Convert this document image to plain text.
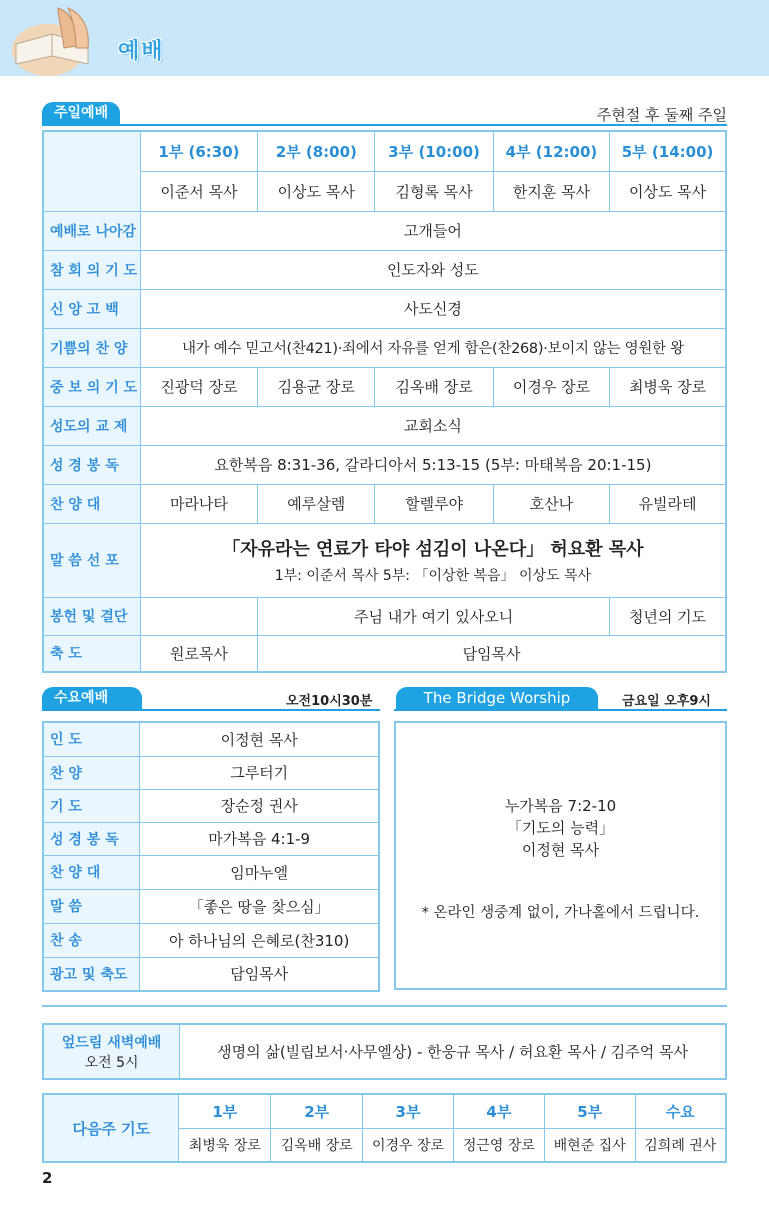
예배
주일예배	주현절 후 둘째 주일
	1부 (6:30)	2부 (8:00)	3부 (10:00)	4부 (12:00)	5부 (14:00)
	이준서 목사	이상도 목사	김형록 목사	한지훈 목사	이상도 목사
예배로 나아감	고개들어				
참 회 의 기 도	인도자와 성도				
신 앙 고 백	사도신경				
기쁨의 찬 양	내가 예수 믿고서(찬421)·죄에서 자유를 얻게 함은(찬268)·보이지 않는 영원한 왕				
중 보 의 기 도	진광덕 장로	김용균 장로	김옥배 장로	이경우 장로	최병욱 장로
성도의 교 제	교회소식				
성 경 봉 독	요한복음 8:31-36, 갈라디아서 5:13-15 (5부: 마태복음 20:1-15)				
찬 양 대	마라나타	예루살렘	할렐루야	호산나	유빌라테
말 씀 선 포	「자유라는 연료가 타야 섬김이 나온다」 허요환 목사
1부: 이준서 목사 5부: 「이상한 복음」 이상도 목사				

봉헌 및 결단		주님 내가 여기 있사오니			청년의 기도
축 도	원로목사	담임목사			
수요예배	오전10시30분
인 도	이정현 목사
찬 양	그루터기
기 도	장순정 권사
성 경 봉 독	마가복음 4:1-9
찬 양 대	임마누엘
말 씀	「좋은 땅을 찾으심」
찬 송	아 하나님의 은혜로(찬310)
광고 및 축도	담임목사
The Bridge Worship	금요일 오후9시
누가복음 7:2-10
「기도의 능력」
이정현 목사
* 온라인 생중계 없이, 가나홀에서 드립니다.
엎드림 새벽예배
오전 5시
	생명의 삶(빌립보서·사무엘상) - 한웅규 목사 / 허요환 목사 / 김주억 목사
다음주 기도	1부	2부	3부	4부	5부	수요
	최병욱 장로	김옥배 장로	이경우 장로	정근영 장로	배현준 집사	김희례 권사
2
